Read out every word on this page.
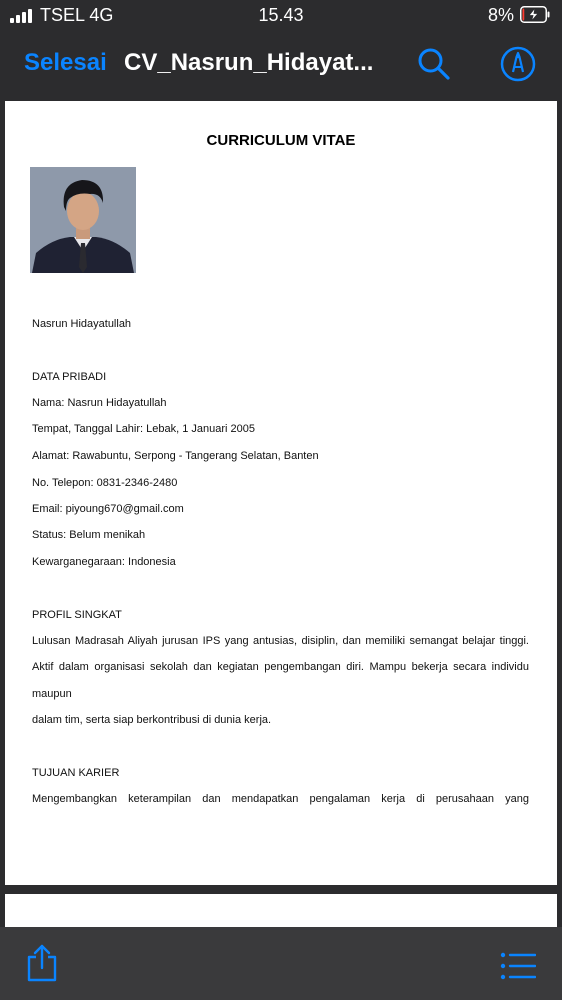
TSEL 4G	15.43	8%
Selesai CV_Nasrun_Hidayat...
CURRICULUM VITAE
Nasrun Hidayatullah
DATA PRIBADI
Nama: Nasrun Hidayatullah
Tempat, Tanggal Lahir: Lebak, 1 Januari 2005
Alamat: Rawabuntu, Serpong - Tangerang Selatan, Banten
No. Telepon: 0831-2346-2480
Email: piyoung670@gmail.com
Status: Belum menikah
Kewarganegaraan: Indonesia
PROFIL SINGKAT
Lulusan Madrasah Aliyah jurusan IPS yang antusias, disiplin, dan memiliki semangat belajar tinggi.
Aktif dalam organisasi sekolah dan kegiatan pengembangan diri. Mampu bekerja secara individu
maupun
dalam tim, serta siap berkontribusi di dunia kerja.
TUJUAN KARIER
Mengembangkan keterampilan dan mendapatkan pengalaman kerja di perusahaan yang
